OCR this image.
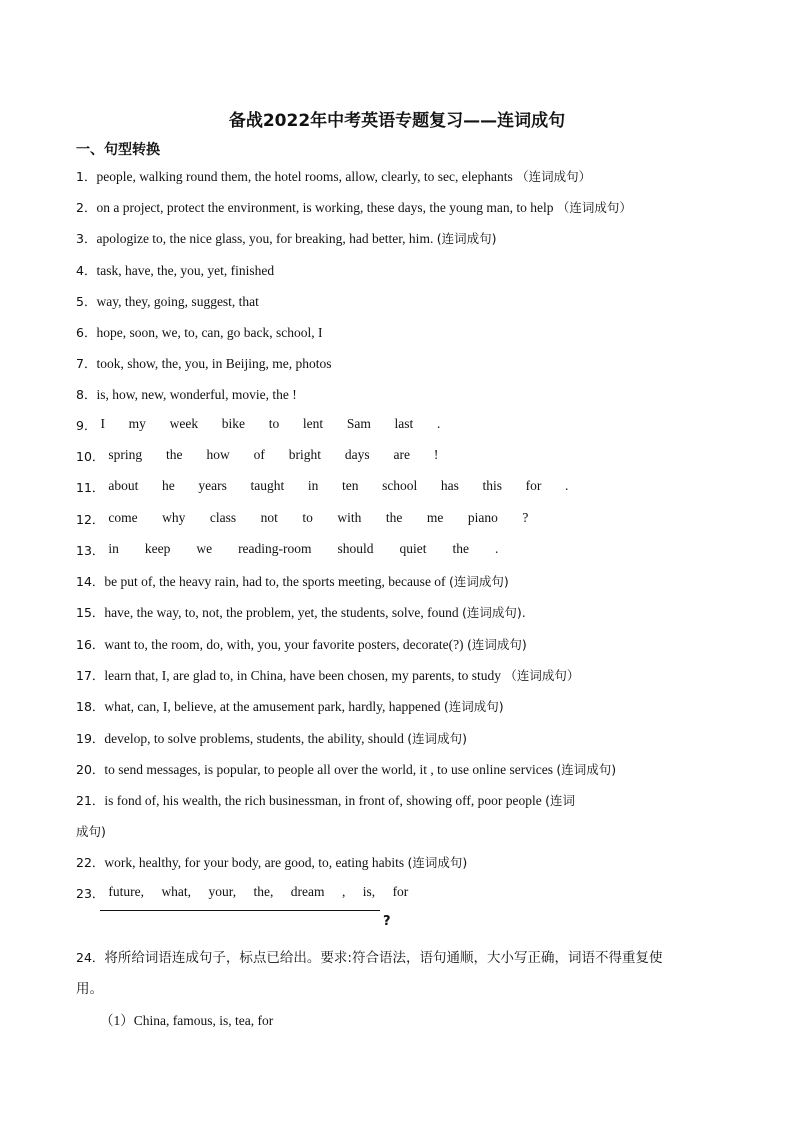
备战2022年中考英语专题复习——连词成句
一、句型转换
1．people, walking round them, the hotel rooms, allow, clearly, to sec, elephants （连词成句）
2．on a project, protect the environment, is working, these days, the young man, to help （连词成句）
3．apologize to, the nice glass, you, for breaking, had better, him. (连词成句)
4．task, have, the, you, yet, finished
5．way, they, going, suggest, that
6．hope, soon, we, to, can, go back, school, I
7．took, show, the, you, in Beijing, me, photos
8．is, how, new, wonderful, movie, the !
9． I my week bike to lent Sam last .
10． spring the how of bright days are !
11． about he years taught in ten school has this for .
12． come why class not to with the me piano ?
13． in keep we reading-room should quiet the .
14．be put of, the heavy rain, had to, the sports meeting, because of (连词成句)
15．have, the way, to, not, the problem, yet, the students, solve, found (连词成句).
16．want to, the room, do, with, you, your favorite posters, decorate(?) (连词成句)
17．learn that, I, are glad to, in China, have been chosen, my parents, to study （连词成句）
18．what, can, I, believe, at the amusement park, hardly, happened (连词成句)
19．develop, to solve problems, students, the ability, should (连词成句)
20．to send messages, is popular, to people all over the world, it , to use online services (连词成句)
21．is fond of, his wealth, the rich businessman, in front of, showing off, poor people (连词
成句)
22．work, healthy, for your body, are good, to, eating habits (连词成句)
23． future, what, your, the, dream , is, for
?
24．将所给词语连成句子，标点已给出。要求:符合语法，语句通顺，大小写正确，词语不得重复使
用。
（1）China, famous, is, tea, for
